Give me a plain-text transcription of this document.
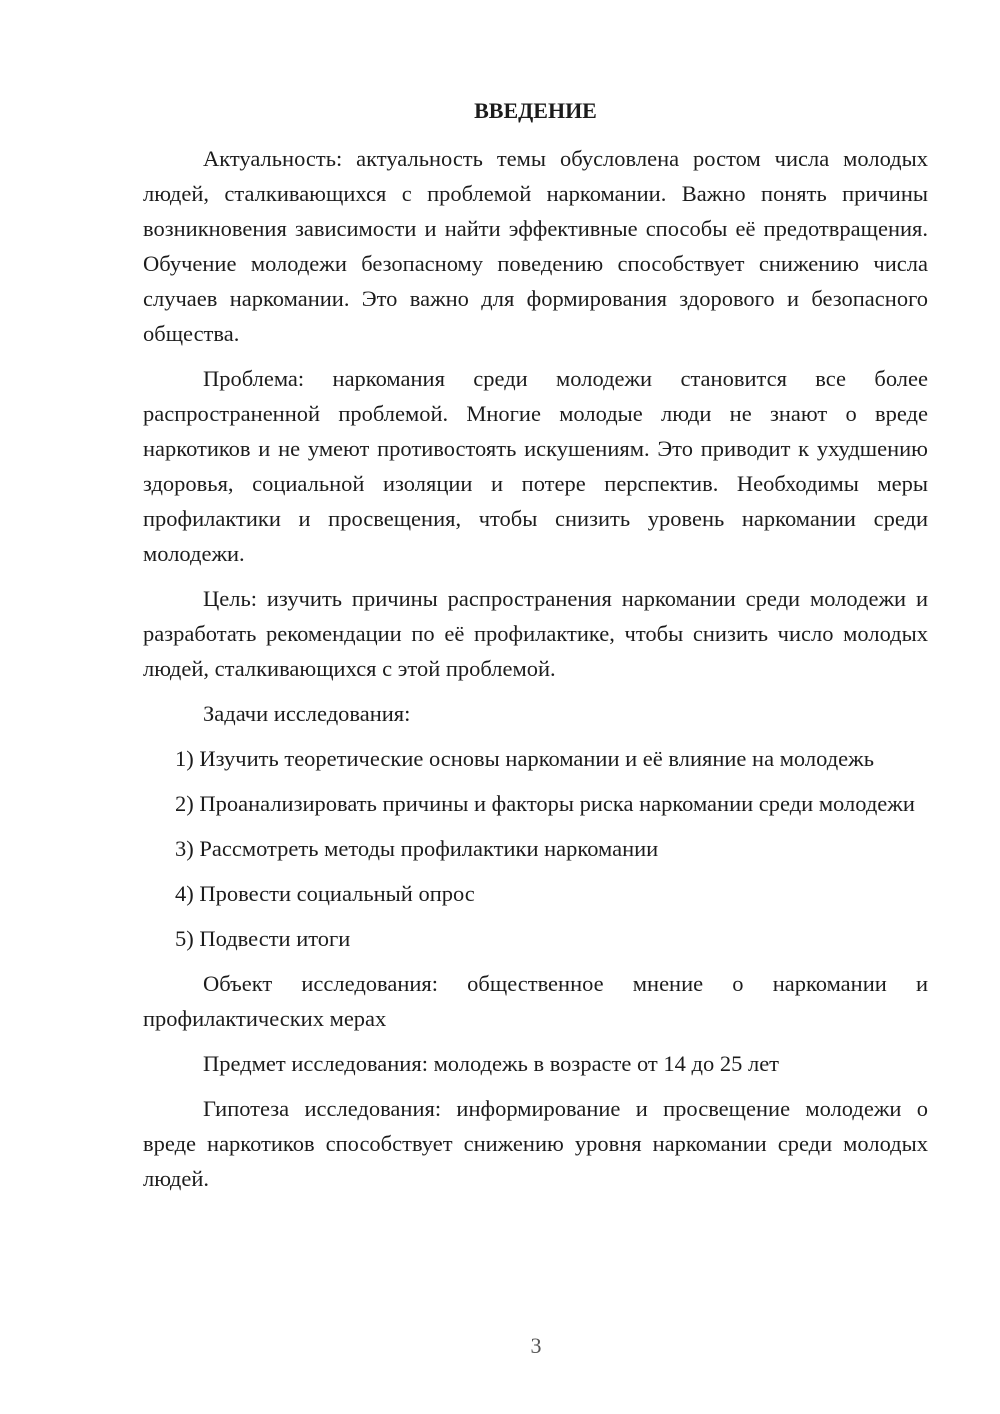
ВВЕДЕНИЕ

Актуальность: актуальность темы обусловлена ростом числа молодых людей, сталкивающихся с проблемой наркомании. Важно понять причины возникновения зависимости и найти эффективные способы её предотвращения. Обучение молодежи безопасному поведению способствует снижению числа случаев наркомании. Это важно для формирования здорового и безопасного общества.

Проблема: наркомания среди молодежи становится все более распространенной проблемой. Многие молодые люди не знают о вреде наркотиков и не умеют противостоять искушениям. Это приводит к ухудшению здоровья, социальной изоляции и потере перспектив. Необходимы меры профилактики и просвещения, чтобы снизить уровень наркомании среди молодежи.

Цель: изучить причины распространения наркомании среди молодежи и разработать рекомендации по её профилактике, чтобы снизить число молодых людей, сталкивающихся с этой проблемой.

Задачи исследования:

1) Изучить теоретические основы наркомании и её влияние на молодежь

2) Проанализировать причины и факторы риска наркомании среди молодежи

3) Рассмотреть методы профилактики наркомании

4) Провести социальный опрос

5) Подвести итоги

Объект исследования: общественное мнение о наркомании и профилактических мерах

Предмет исследования: молодежь в возрасте от 14 до 25 лет

Гипотеза исследования: информирование и просвещение молодежи о вреде наркотиков способствует снижению уровня наркомании среди молодых людей.

3
